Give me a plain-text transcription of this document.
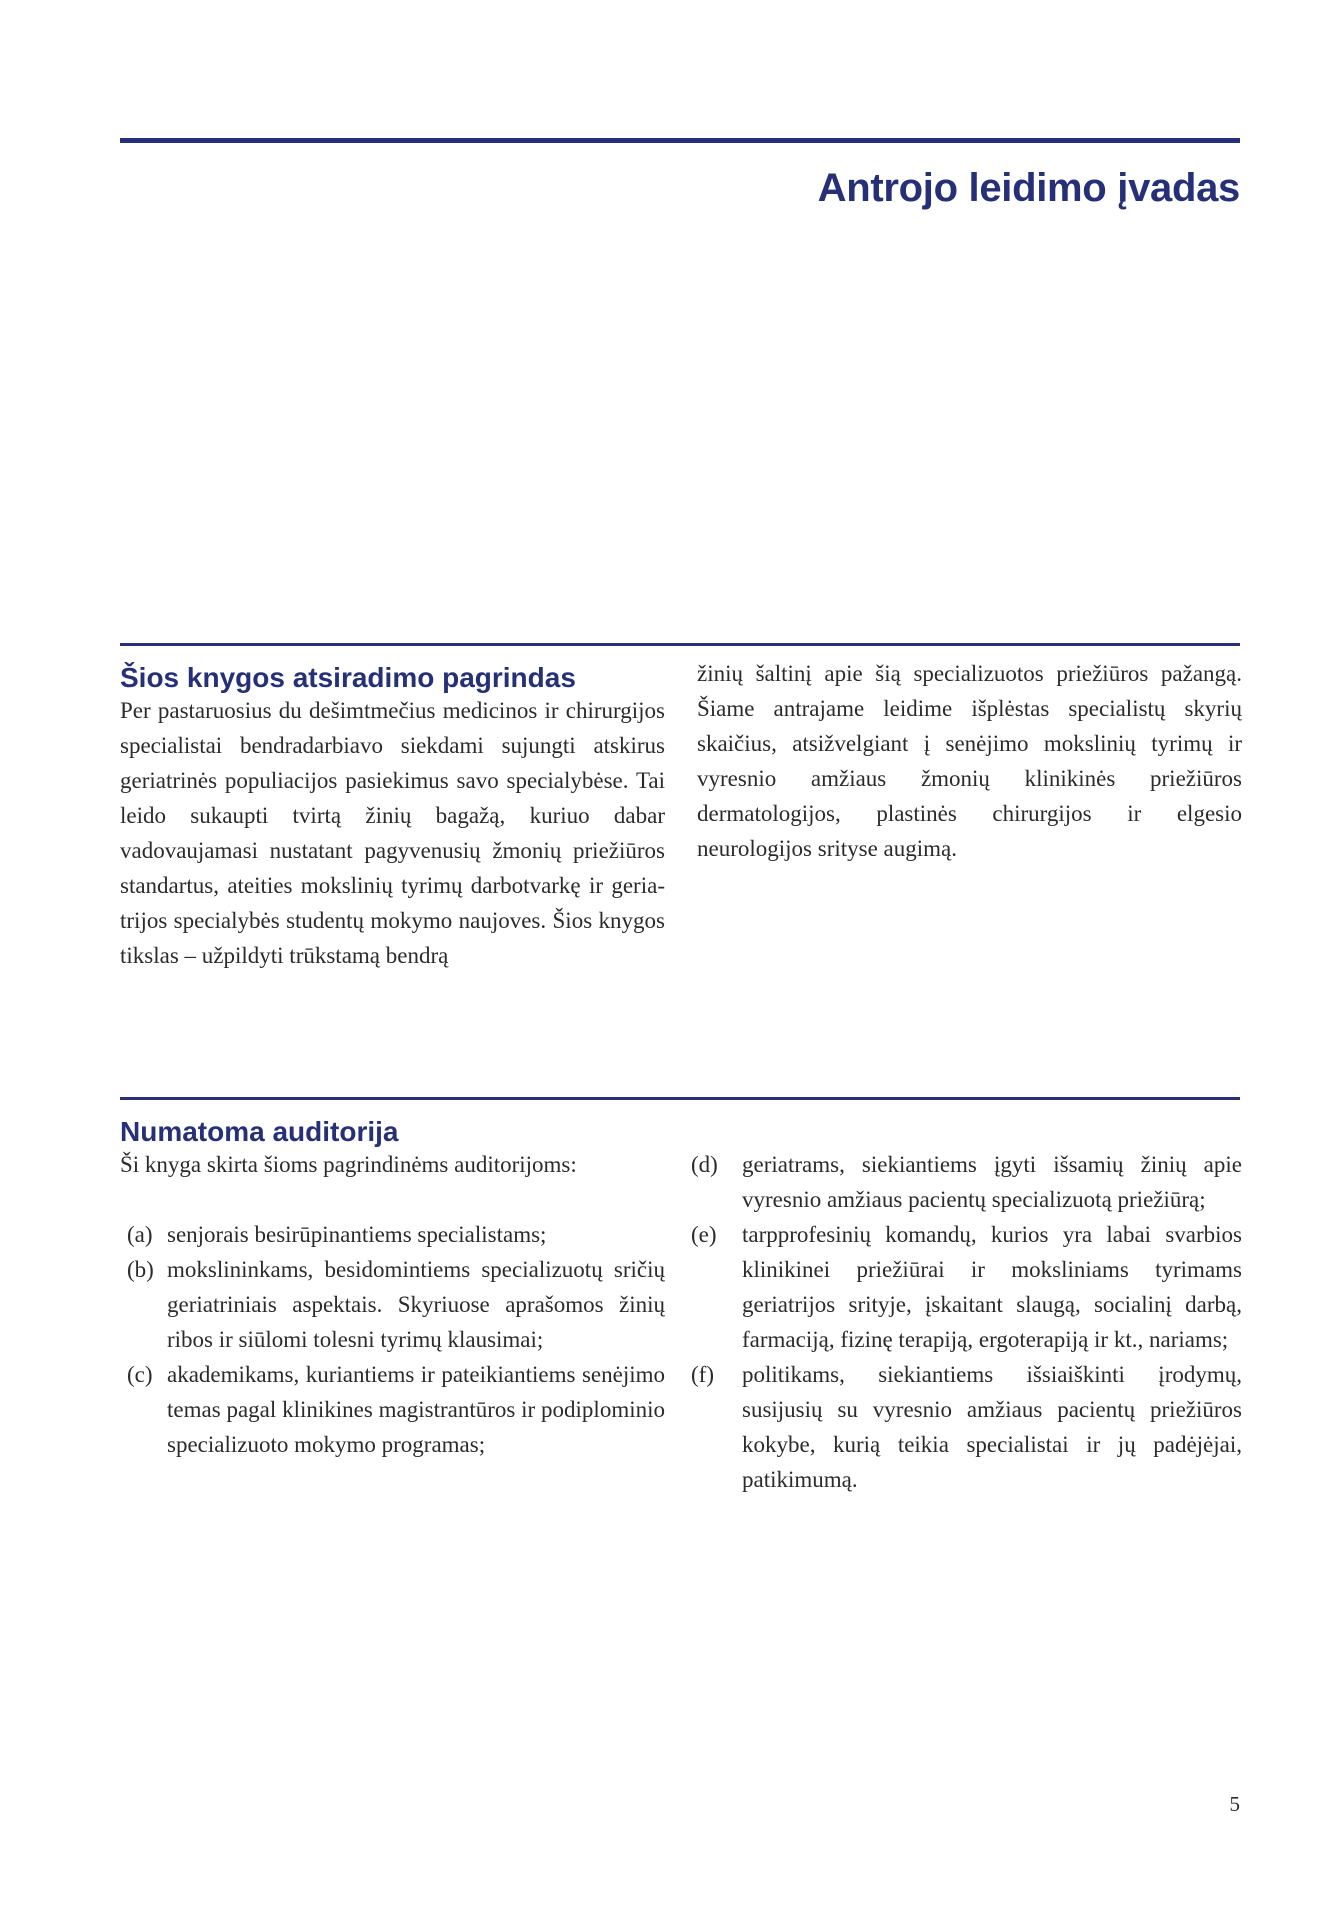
Antrojo leidimo įvadas
Šios knygos atsiradimo pagrindas

Per pastaruosius du dešimtmečius medicinos ir chirurgijos specialistai bendradarbiavo siekdami sujungti atskirus geriatrinės populiacijos pasiekimus savo specialybėse. Tai leido sukaupti tvirtą žinių bagažą, kuriuo dabar vadovaujamasi nustatant pagyvenusių žmonių priežiūros standartus, ateities mokslinių tyrimų darbotvarkę ir geriatrijos specialybės studentų mokymo naujoves. Šios knygos tikslas – užpildyti trūkstamą bendrą

žinių šaltinį apie šią specializuotos priežiūros pažangą. Šiame antrajame leidime išplėstas specialistų skyrių skaičius, atsižvelgiant į senėjimo mokslinių tyrimų ir vyresnio amžiaus žmonių klinikinės priežiūros dermatologijos, plastinės chirurgijos ir elgesio neurologijos srityse augimą.

Numatoma auditorija

Ši knyga skirta šioms pagrindinėms auditorijoms:

(a) senjorais besirūpinantiems specialistams;
(b) mokslininkams, besidomintiems specializuotų sričių geriatriniais aspektais. Skyriuose aprašomos žinių ribos ir siūlomi tolesni tyrimų klausimai;
(c) akademikams, kuriantiems ir pateikiantiems senėjimo temas pagal klinikines magistrantūros ir podiplominio specializuoto mokymo programas;
(d) geriatrams, siekiantiems įgyti išsamių žinių apie vyresnio amžiaus pacientų specializuotą priežiūrą;
(e) tarpprofesinių komandų, kurios yra labai svarbios klinikinei priežiūrai ir moksliniams tyrimams geriatrijos srityje, įskaitant slaugą, socialinį darbą, farmaciją, fizinę terapiją, ergoterapiją ir kt., nariams;
(f) politikams, siekiantiems išsiaiškinti įrodymų, susijusių su vyresnio amžiaus pacientų priežiūros kokybe, kurią teikia specialistai ir jų padėjėjai, patikimumą.
5
